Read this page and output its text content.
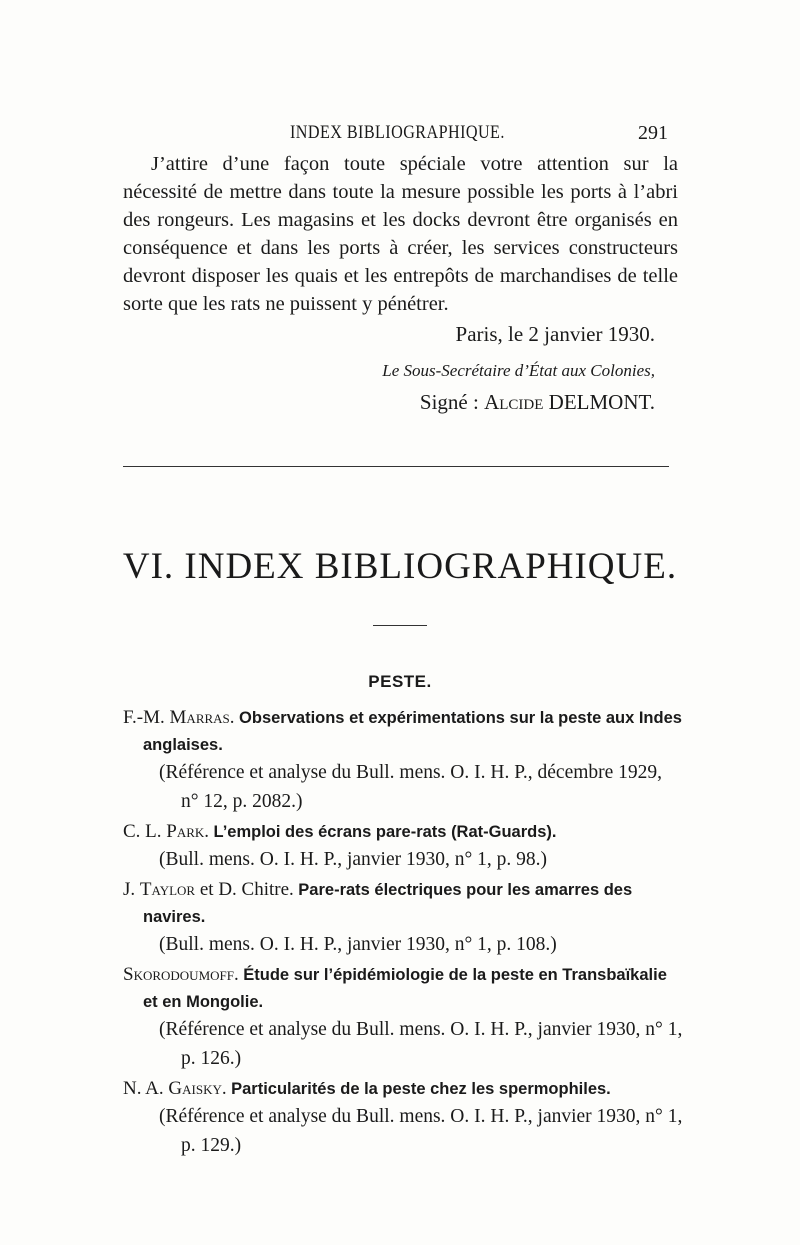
INDEX BIBLIOGRAPHIQUE.	291

J’attire d’une façon toute spéciale votre attention sur la nécessité de mettre dans toute la mesure possible les ports à l’abri des rongeurs. Les magasins et les docks devront être organisés en conséquence et dans les ports à créer, les services constructeurs devront disposer les quais et les entrepôts de marchandises de telle sorte que les rats ne puissent y pénétrer.

Paris, le 2 janvier 1930.
Le Sous-Secrétaire d’État aux Colonies,
Signé : Alcide DELMONT.
VI. INDEX BIBLIOGRAPHIQUE.
PESTE.
F.-M. Marras. Observations et expérimentations sur la peste aux Indes anglaises.
(Référence et analyse du Bull. mens. O. I. H. P., décembre 1929, n° 12, p. 2082.)
C. L. Park. L’emploi des écrans pare-rats (Rat-Guards).
(Bull. mens. O. I. H. P., janvier 1930, n° 1, p. 98.)
J. Taylor et D. Chitre. Pare-rats électriques pour les amarres des navires.
(Bull. mens. O. I. H. P., janvier 1930, n° 1, p. 108.)
Skorodoumoff. Étude sur l’épidémiologie de la peste en Transbaïkalie et en Mongolie.
(Référence et analyse du Bull. mens. O. I. H. P., janvier 1930, n° 1, p. 126.)
N. A. Gaisky. Particularités de la peste chez les spermophiles.
(Référence et analyse du Bull. mens. O. I. H. P., janvier 1930, n° 1, p. 129.)
